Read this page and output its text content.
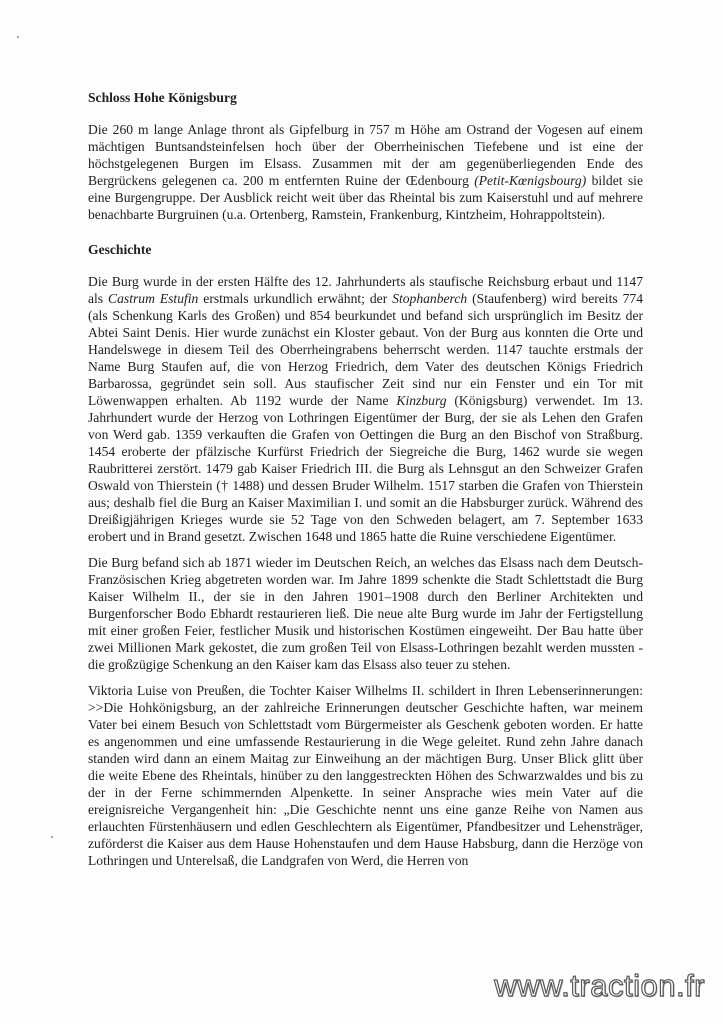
Schloss Hohe Königsburg

Die 260 m lange Anlage thront als Gipfelburg in 757 m Höhe am Ostrand der Vogesen auf einem mächtigen Buntsandsteinfelsen hoch über der Oberrheinischen Tiefebene und ist eine der höchstgelegenen Burgen im Elsass. Zusammen mit der am gegenüberliegenden Ende des Bergrückens gelegenen ca. 200 m entfernten Ruine der Œdenbourg (Petit-Kœnigsbourg) bildet sie eine Burgengruppe. Der Ausblick reicht weit über das Rheintal bis zum Kaiserstuhl und auf mehrere benachbarte Burgruinen (u.a. Ortenberg, Ramstein, Frankenburg, Kintzheim, Hohrappoltstein).

Geschichte

Die Burg wurde in der ersten Hälfte des 12. Jahrhunderts als staufische Reichsburg erbaut und 1147 als Castrum Estufin erstmals urkundlich erwähnt; der Stophanberch (Staufenberg) wird bereits 774 (als Schenkung Karls des Großen) und 854 beurkundet und befand sich ursprünglich im Besitz der Abtei Saint Denis. Hier wurde zunächst ein Kloster gebaut. Von der Burg aus konnten die Orte und Handelswege in diesem Teil des Oberrheingrabens beherrscht werden. 1147 tauchte erstmals der Name Burg Staufen auf, die von Herzog Friedrich, dem Vater des deutschen Königs Friedrich Barbarossa, gegründet sein soll. Aus staufischer Zeit sind nur ein Fenster und ein Tor mit Löwenwappen erhalten. Ab 1192 wurde der Name Kinzburg (Königsburg) verwendet. Im 13. Jahrhundert wurde der Herzog von Lothringen Eigentümer der Burg, der sie als Lehen den Grafen von Werd gab. 1359 verkauften die Grafen von Oettingen die Burg an den Bischof von Straßburg. 1454 eroberte der pfälzische Kurfürst Friedrich der Siegreiche die Burg, 1462 wurde sie wegen Raubritterei zerstört. 1479 gab Kaiser Friedrich III. die Burg als Lehnsgut an den Schweizer Grafen Oswald von Thierstein († 1488) und dessen Bruder Wilhelm. 1517 starben die Grafen von Thierstein aus; deshalb fiel die Burg an Kaiser Maximilian I. und somit an die Habsburger zurück. Während des Dreißigjährigen Krieges wurde sie 52 Tage von den Schweden belagert, am 7. September 1633 erobert und in Brand gesetzt. Zwischen 1648 und 1865 hatte die Ruine verschiedene Eigentümer.

Die Burg befand sich ab 1871 wieder im Deutschen Reich, an welches das Elsass nach dem Deutsch-Französischen Krieg abgetreten worden war. Im Jahre 1899 schenkte die Stadt Schlettstadt die Burg Kaiser Wilhelm II., der sie in den Jahren 1901–1908 durch den Berliner Architekten und Burgenforscher Bodo Ebhardt restaurieren ließ. Die neue alte Burg wurde im Jahr der Fertigstellung mit einer großen Feier, festlicher Musik und historischen Kostümen eingeweiht. Der Bau hatte über zwei Millionen Mark gekostet, die zum großen Teil von Elsass-Lothringen bezahlt werden mussten - die großzügige Schenkung an den Kaiser kam das Elsass also teuer zu stehen.

Viktoria Luise von Preußen, die Tochter Kaiser Wilhelms II. schildert in Ihren Lebenserinnerungen: >>Die Hohkönigsburg, an der zahlreiche Erinnerungen deutscher Geschichte haften, war meinem Vater bei einem Besuch von Schlettstadt vom Bürgermeister als Geschenk geboten worden. Er hatte es angenommen und eine umfassende Restaurierung in die Wege geleitet. Rund zehn Jahre danach standen wird dann an einem Maitag zur Einweihung an der mächtigen Burg. Unser Blick glitt über die weite Ebene des Rheintals, hinüber zu den langgestreckten Höhen des Schwarzwaldes und bis zu der in der Ferne schimmernden Alpenkette. In seiner Ansprache wies mein Vater auf die ereignisreiche Vergangenheit hin: „Die Geschichte nennt uns eine ganze Reihe von Namen aus erlauchten Fürstenhäusern und edlen Geschlechtern als Eigentümer, Pfandbesitzer und Lehensträger, zuförderst die Kaiser aus dem Hause Hohenstaufen und dem Hause Habsburg, dann die Herzöge von Lothringen und Unterelsaß, die Landgrafen von Werd, die Herren von

www.traction.fr
